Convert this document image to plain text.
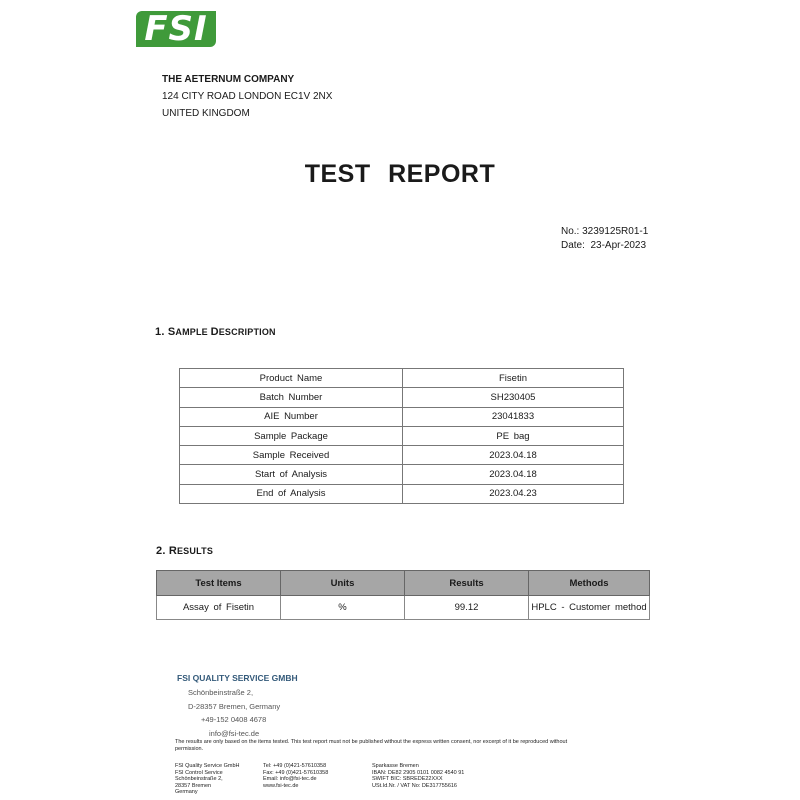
FSI
THE AETERNUM COMPANY
124 CITY ROAD LONDON EC1V 2NX
UNITED KINGDOM
TEST REPORT
No.: 3239125R01-1
Date: 23-Apr-2023
1. SAMPLE DESCRIPTION
Product Name	Fisetin
Batch Number	SH230405
AIE Number	23041833
Sample Package	PE bag
Sample Received	2023.04.18
Start of Analysis	2023.04.18
End of Analysis	2023.04.23
2. RESULTS
Test Items	Units	Results	Methods
Assay of Fisetin	%	99.12	HPLC - Customer method
FSI QUALITY SERVICE GMBH
Schönbeinstraße 2,
D-28357 Bremen, Germany
+49-152 0408 4678
info@fsi-tec.de
The results are only based on the items tested. This test report must not be published without the express written consent, nor excerpt of it be reproduced without permission.
FSI Quality Service GmbH
FSI Control Service
Schönbeinstraße 2,
28357 Bremen
Germany
Tel: +49 (0)421-57610358
Fax: +49 (0)421-57610358
Email: info@fsi-tec.de
www.fsi-tec.de
Sparkasse Bremen
IBAN: DE82 2905 0101 0082 4540 91
SWIFT BIC: SBREDE22XXX
USt.Id.Nr. / VAT No: DE317755616
